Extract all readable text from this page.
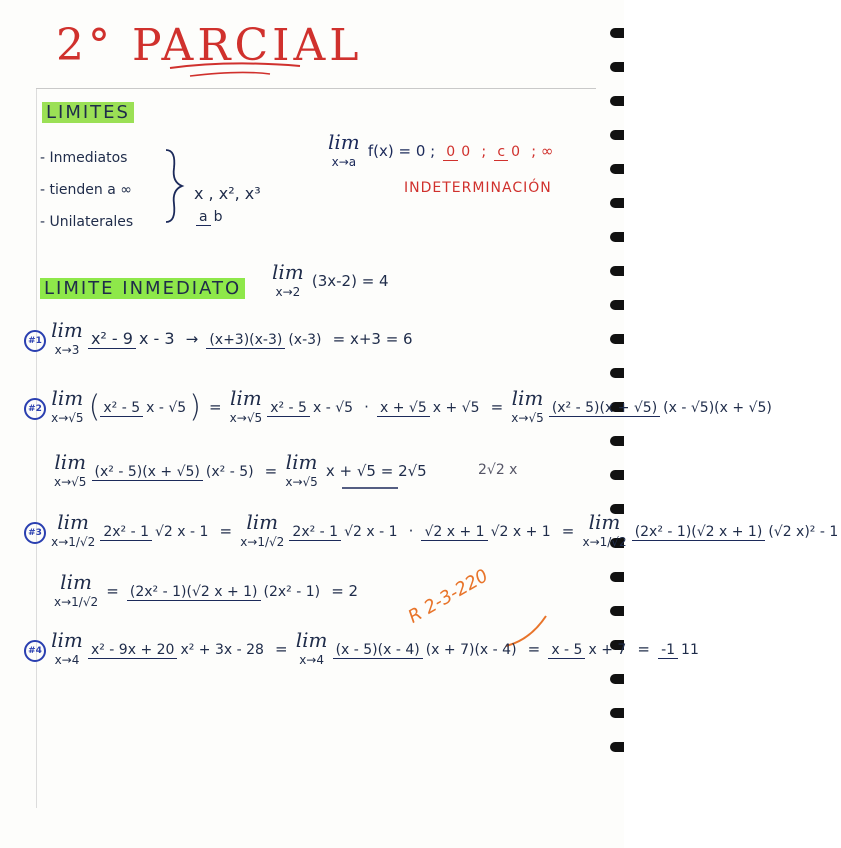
2° PARCIAL
LIMITES
- Inmediatos
- tienden a ∞
- Unilaterales
x , x², x³
a b
lim
x→a f(x) = 0 ; 0 0 ; c 0 ; ∞
INDETERMINACIÓN
LIMITE INMEDIATO
lim
x→2 (3x-2) = 4
#1 lim
x→3 x² - 9 x - 3 → (x+3)(x-3) (x-3) = x+3 = 6
#2 lim
x→√5 ( x² - 5 x - √5 ) = lim
x→√5 x² - 5 x - √5 · x + √5 x + √5 = lim
x→√5 (x² - 5)(x + √5) (x - √5)(x + √5)
lim
x→√5 (x² - 5)(x + √5) (x² - 5) = lim
x→√5 x + √5 = 2√5	2√2 x
#3 lim
x→1/√2 2x² - 1 √2 x - 1 = lim
x→1/√2 2x² - 1 √2 x - 1 · √2 x + 1 √2 x + 1 = lim
x→1/√2 (2x² - 1)(√2 x + 1) (√2 x)² - 1
lim
x→1/√2 = (2x² - 1)(√2 x + 1) (2x² - 1) = 2	R 2-3-220
#4 lim
x→4 x² - 9x + 20 x² + 3x - 28 = lim
x→4 (x - 5)(x - 4) (x + 7)(x - 4) = x - 5 x + 7 = -1 11
